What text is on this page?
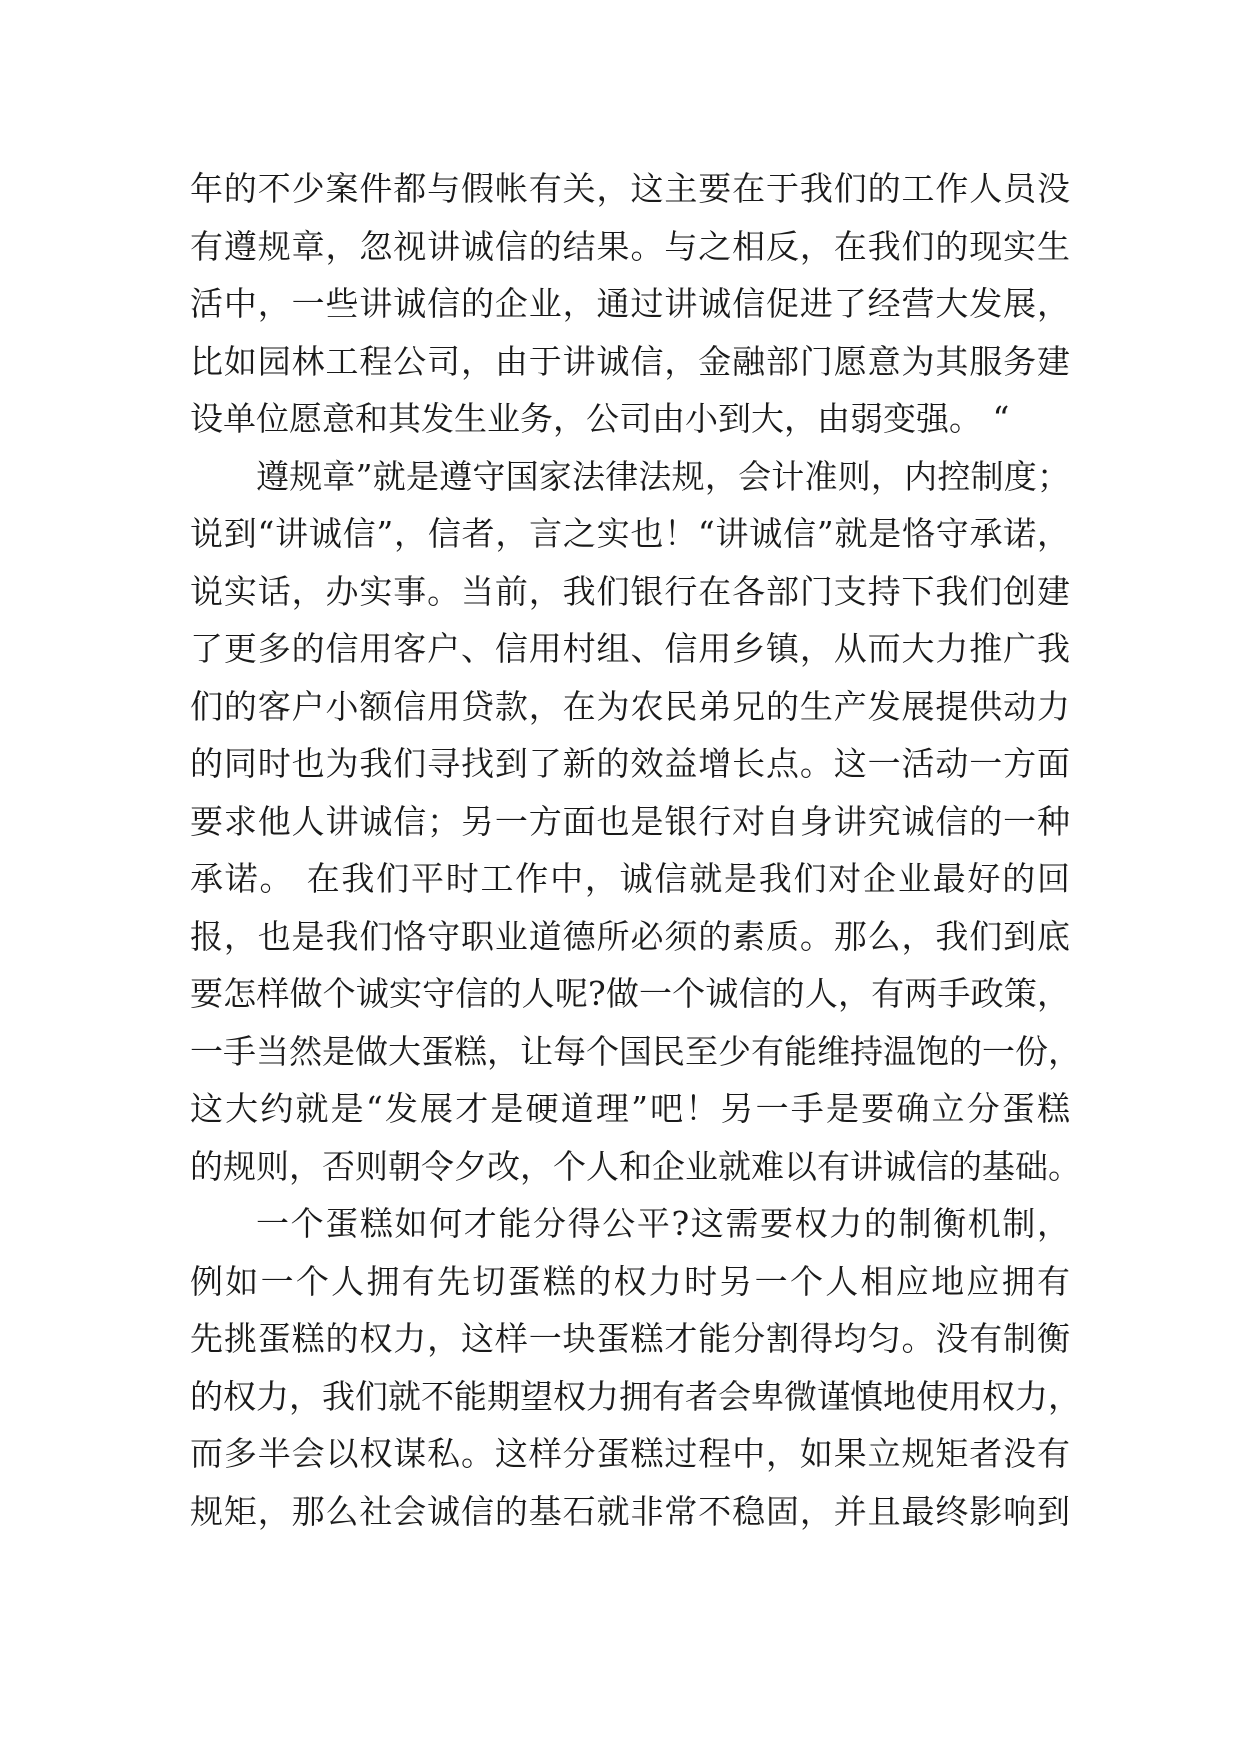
年的不少案件都与假帐有关，这主要在于我们的工作人员没
有遵规章，忽视讲诚信的结果。与之相反，在我们的现实生
活中，一些讲诚信的企业，通过讲诚信促进了经营大发展，
比如园林工程公司，由于讲诚信，金融部门愿意为其服务建
设单位愿意和其发生业务，公司由小到大，由弱变强。 “
遵规章”就是遵守国家法律法规，会计准则，内控制度；
说到“讲诚信”，信者，言之实也！“讲诚信”就是恪守承诺，
说实话，办实事。当前，我们银行在各部门支持下我们创建
了更多的信用客户、信用村组、信用乡镇，从而大力推广我
们的客户小额信用贷款，在为农民弟兄的生产发展提供动力
的同时也为我们寻找到了新的效益增长点。这一活动一方面
要求他人讲诚信；另一方面也是银行对自身讲究诚信的一种
承诺。 在我们平时工作中，诚信就是我们对企业最好的回
报，也是我们恪守职业道德所必须的素质。那么，我们到底
要怎样做个诚实守信的人呢?做一个诚信的人，有两手政策，
一手当然是做大蛋糕，让每个国民至少有能维持温饱的一份，
这大约就是“发展才是硬道理”吧！另一手是要确立分蛋糕
的规则，否则朝令夕改，个人和企业就难以有讲诚信的基础。
一个蛋糕如何才能分得公平?这需要权力的制衡机制，
例如一个人拥有先切蛋糕的权力时另一个人相应地应拥有
先挑蛋糕的权力，这样一块蛋糕才能分割得均匀。没有制衡
的权力，我们就不能期望权力拥有者会卑微谨慎地使用权力，
而多半会以权谋私。这样分蛋糕过程中，如果立规矩者没有
规矩，那么社会诚信的基石就非常不稳固，并且最终影响到
